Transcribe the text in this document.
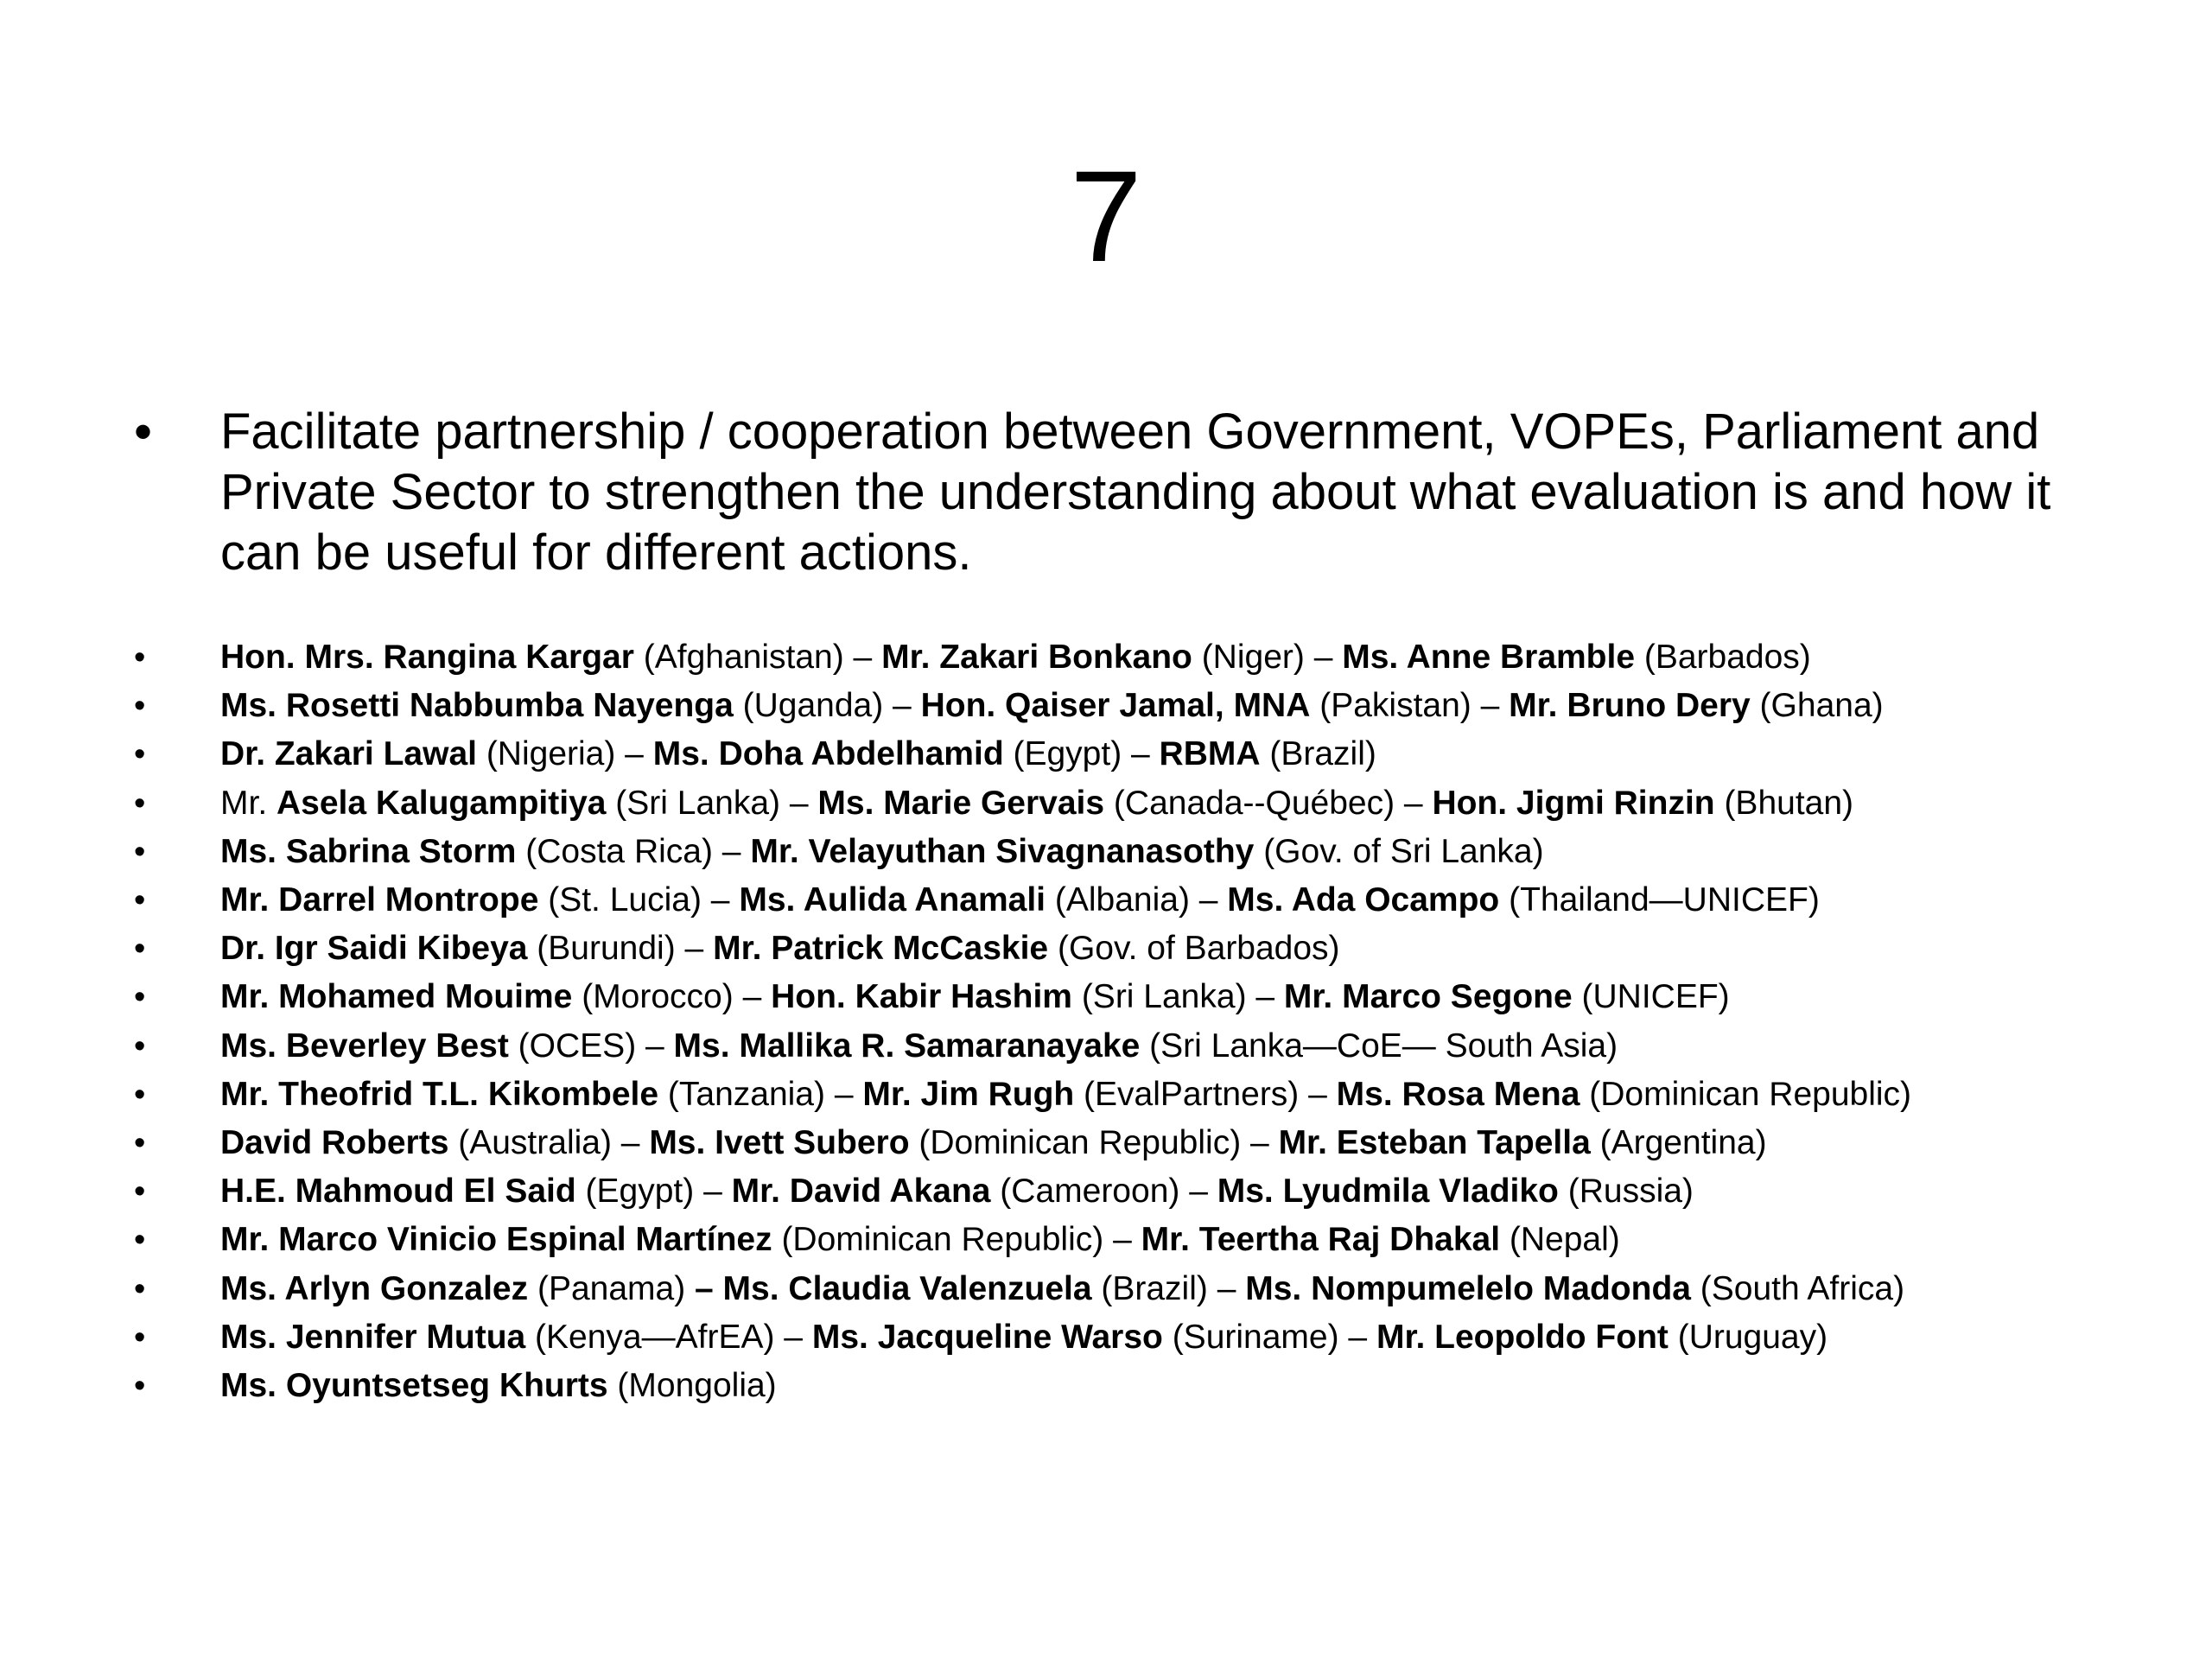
7
•	Facilitate partnership / cooperation between Government, VOPEs, Parliament and Private Sector to strengthen the understanding about what evaluation is and how it can be useful for different actions.
•	Hon. Mrs. Rangina Kargar (Afghanistan) – Mr. Zakari Bonkano (Niger) – Ms. Anne Bramble (Barbados)
•	Ms. Rosetti Nabbumba Nayenga (Uganda) – Hon. Qaiser Jamal, MNA (Pakistan) – Mr. Bruno Dery (Ghana)
•	Dr. Zakari Lawal (Nigeria) – Ms. Doha Abdelhamid (Egypt) – RBMA (Brazil)
•	Mr. Asela Kalugampitiya (Sri Lanka) – Ms. Marie Gervais (Canada--Québec) – Hon. Jigmi Rinzin (Bhutan)
•	Ms. Sabrina Storm (Costa Rica) – Mr. Velayuthan Sivagnanasothy (Gov. of Sri Lanka)
•	Mr. Darrel Montrope (St. Lucia) – Ms. Aulida Anamali (Albania) – Ms. Ada Ocampo (Thailand—UNICEF)
•	Dr. Igr Saidi Kibeya (Burundi) – Mr. Patrick McCaskie (Gov. of Barbados)
•	Mr. Mohamed Mouime (Morocco) – Hon. Kabir Hashim (Sri Lanka) – Mr. Marco Segone (UNICEF)
•	Ms. Beverley Best (OCES) – Ms. Mallika R. Samaranayake (Sri Lanka—CoE— South Asia)
•	Mr. Theofrid T.L. Kikombele (Tanzania) – Mr. Jim Rugh (EvalPartners) – Ms. Rosa Mena (Dominican Republic)
•	David Roberts (Australia) – Ms. Ivett Subero (Dominican Republic) – Mr. Esteban Tapella (Argentina)
•	H.E. Mahmoud El Said (Egypt) – Mr. David Akana (Cameroon) – Ms. Lyudmila Vladiko (Russia)
•	Mr. Marco Vinicio Espinal Martínez (Dominican Republic) – Mr. Teertha Raj Dhakal (Nepal)
•	Ms. Arlyn Gonzalez (Panama) – Ms. Claudia Valenzuela (Brazil) – Ms. Nompumelelo Madonda (South Africa)
•	Ms. Jennifer Mutua (Kenya—AfrEA) – Ms. Jacqueline Warso (Suriname) – Mr. Leopoldo Font (Uruguay)
•	Ms. Oyuntsetseg Khurts (Mongolia)
